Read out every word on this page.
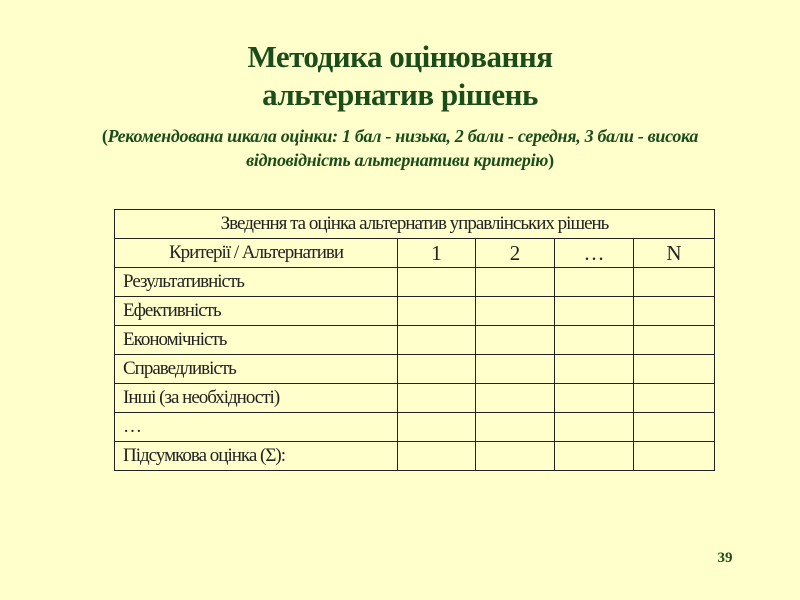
Методика оцінювання
альтернатив рішень
(Рекомендована шкала оцінки: 1 бал - низька, 2 бали - середня, 3 бали - висока відповідність альтернативи критерію)
Зведення та оцінка альтернатив управлінських рішень				
Критерії / Альтернативи	1	2	…	N
Результативність				
Ефективність				
Економічність				
Справедливість				
Інші (за необхідності)				
…				
Підсумкова оцінка (Σ):				
39
